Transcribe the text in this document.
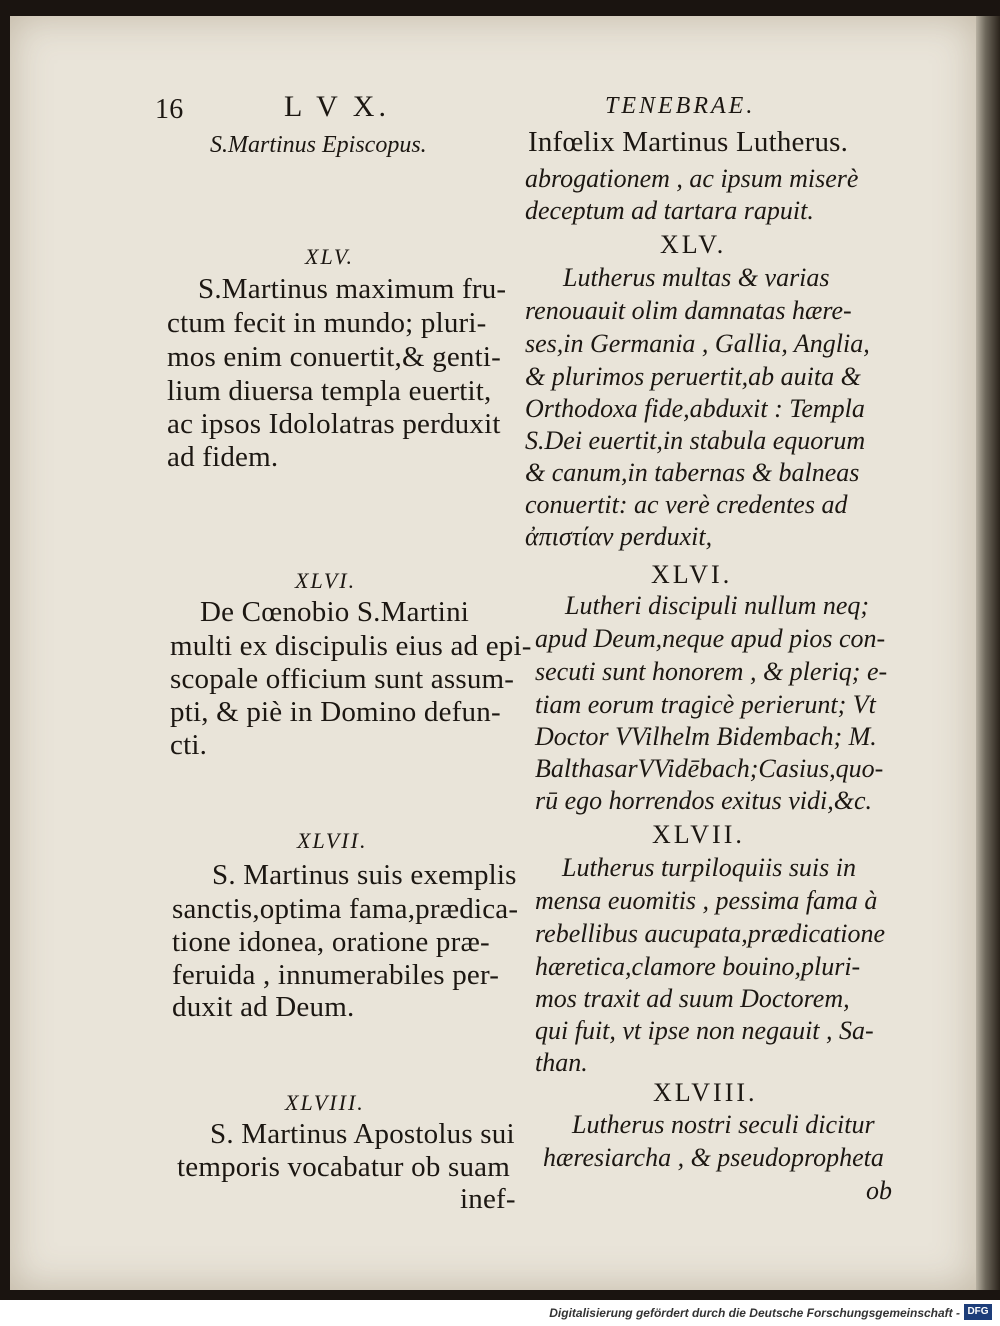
16	L V X.	TENEBRAE.
S.Martinus Episcopus.	Infœlix Martinus Lutherus.
abrogationem , ac ipsum miserè
deceptum ad tartara rapuit.
XLV.
S.Martinus maximum fru-
ctum fecit in mundo; pluri-
mos enim conuertit,& genti-
lium diuersa templa euertit,
ac ipsos Idololatras perduxit
ad fidem.
XLV.
Lutherus multas & varias
renouauit olim damnatas hære-
ses,in Germania , Gallia, Anglia,
& plurimos peruertit,ab auita &
Orthodoxa fide,abduxit : Templa
S.Dei euertit,in stabula equorum
& canum,in tabernas & balneas
conuertit: ac verè credentes ad
ἀπιστίαν perduxit,
XLVI.
De Cœnobio S.Martini
multi ex discipulis eius ad epi-
scopale officium sunt assum-
pti, & piè in Domino defun-
cti.
XLVI.
Lutheri discipuli nullum neq;
apud Deum,neque apud pios con-
secuti sunt honorem , & pleriq; e-
tiam eorum tragicè perierunt; Vt
Doctor VVilhelm Bidembach; M.
BalthasarVVidēbach;Casius,quo-
rū ego horrendos exitus vidi,&c.
XLVII.
S. Martinus suis exemplis
sanctis,optima fama,prædica-
tione idonea, oratione præ-
feruida , innumerabiles per-
duxit ad Deum.
XLVII.
Lutherus turpiloquiis suis in
mensa euomitis , pessima fama à
rebellibus aucupata,prædicatione
hæretica,clamore bouino,pluri-
mos traxit ad suum Doctorem,
qui fuit, vt ipse non negauit , Sa-
than.
XLVIII.
S. Martinus Apostolus sui
temporis vocabatur ob suam
inef-
XLVIII.
Lutherus nostri seculi dicitur
hæresiarcha , & pseudopropheta
ob
Digitalisierung gefördert durch die Deutsche Forschungsgemeinschaft - DFG
